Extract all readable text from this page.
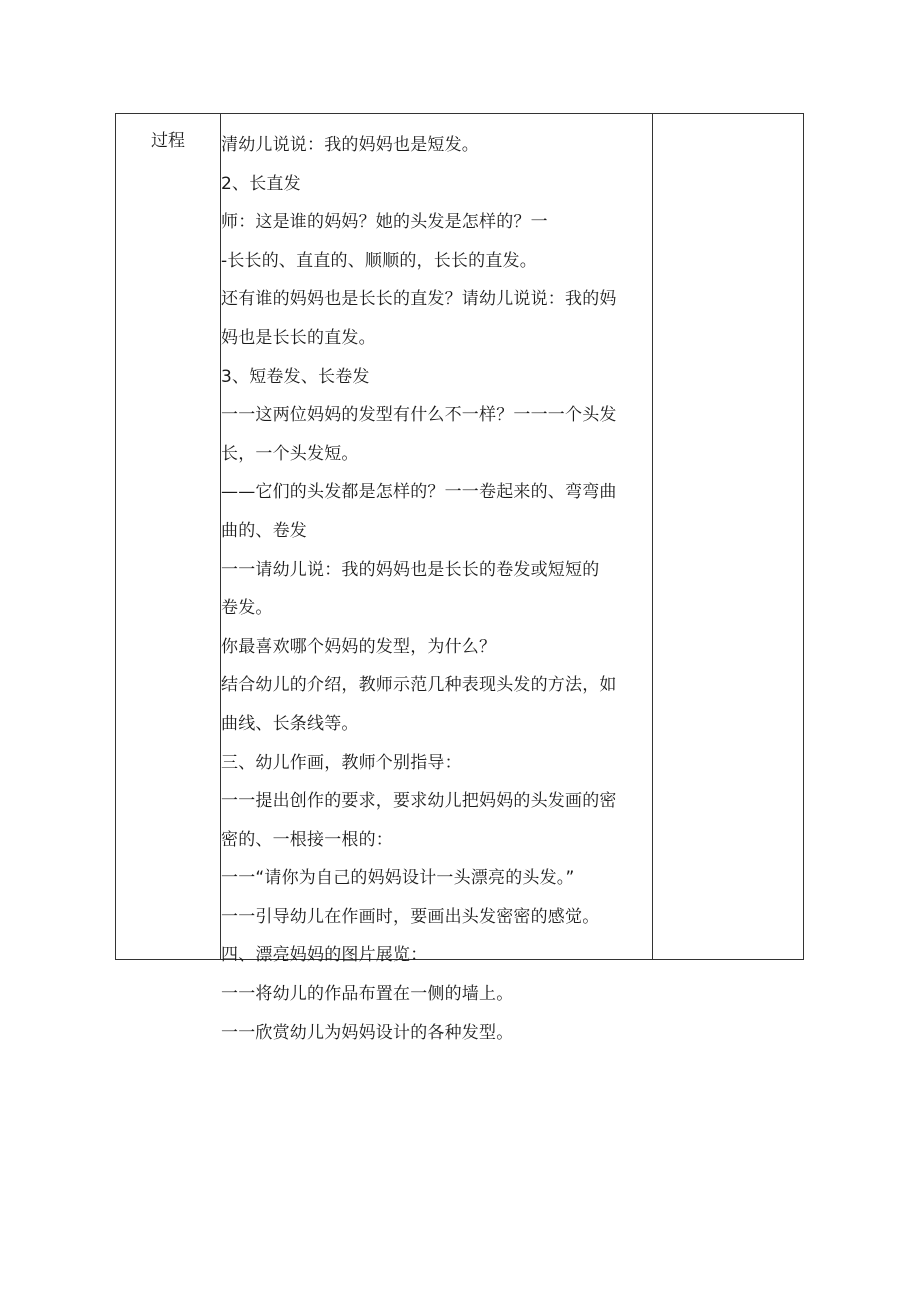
过程	清幼儿说说：我的妈妈也是短发。
2、长直发
师：这是谁的妈妈？她的头发是怎样的？一
-长长的、直直的、顺顺的，长长的直发。
还有谁的妈妈也是长长的直发？请幼儿说说：我的妈
妈也是长长的直发。
3、短卷发、长卷发
一一这两位妈妈的发型有什么不一样？一一一个头发
长，一个头发短。
——它们的头发都是怎样的？一一卷起来的、弯弯曲
曲的、卷发
一一请幼儿说：我的妈妈也是长长的卷发或短短的
卷发。
你最喜欢哪个妈妈的发型，为什么？
结合幼儿的介绍，教师示范几种表现头发的方法，如
曲线、长条线等。
三、幼儿作画，教师个别指导：
一一提出创作的要求，要求幼儿把妈妈的头发画的密
密的、一根接一根的：
一一“请你为自己的妈妈设计一头漂亮的头发。”
一一引导幼儿在作画时，要画出头发密密的感觉。
四、漂亮妈妈的图片展览：
一一将幼儿的作品布置在一侧的墙上。
一一欣赏幼儿为妈妈设计的各种发型。
